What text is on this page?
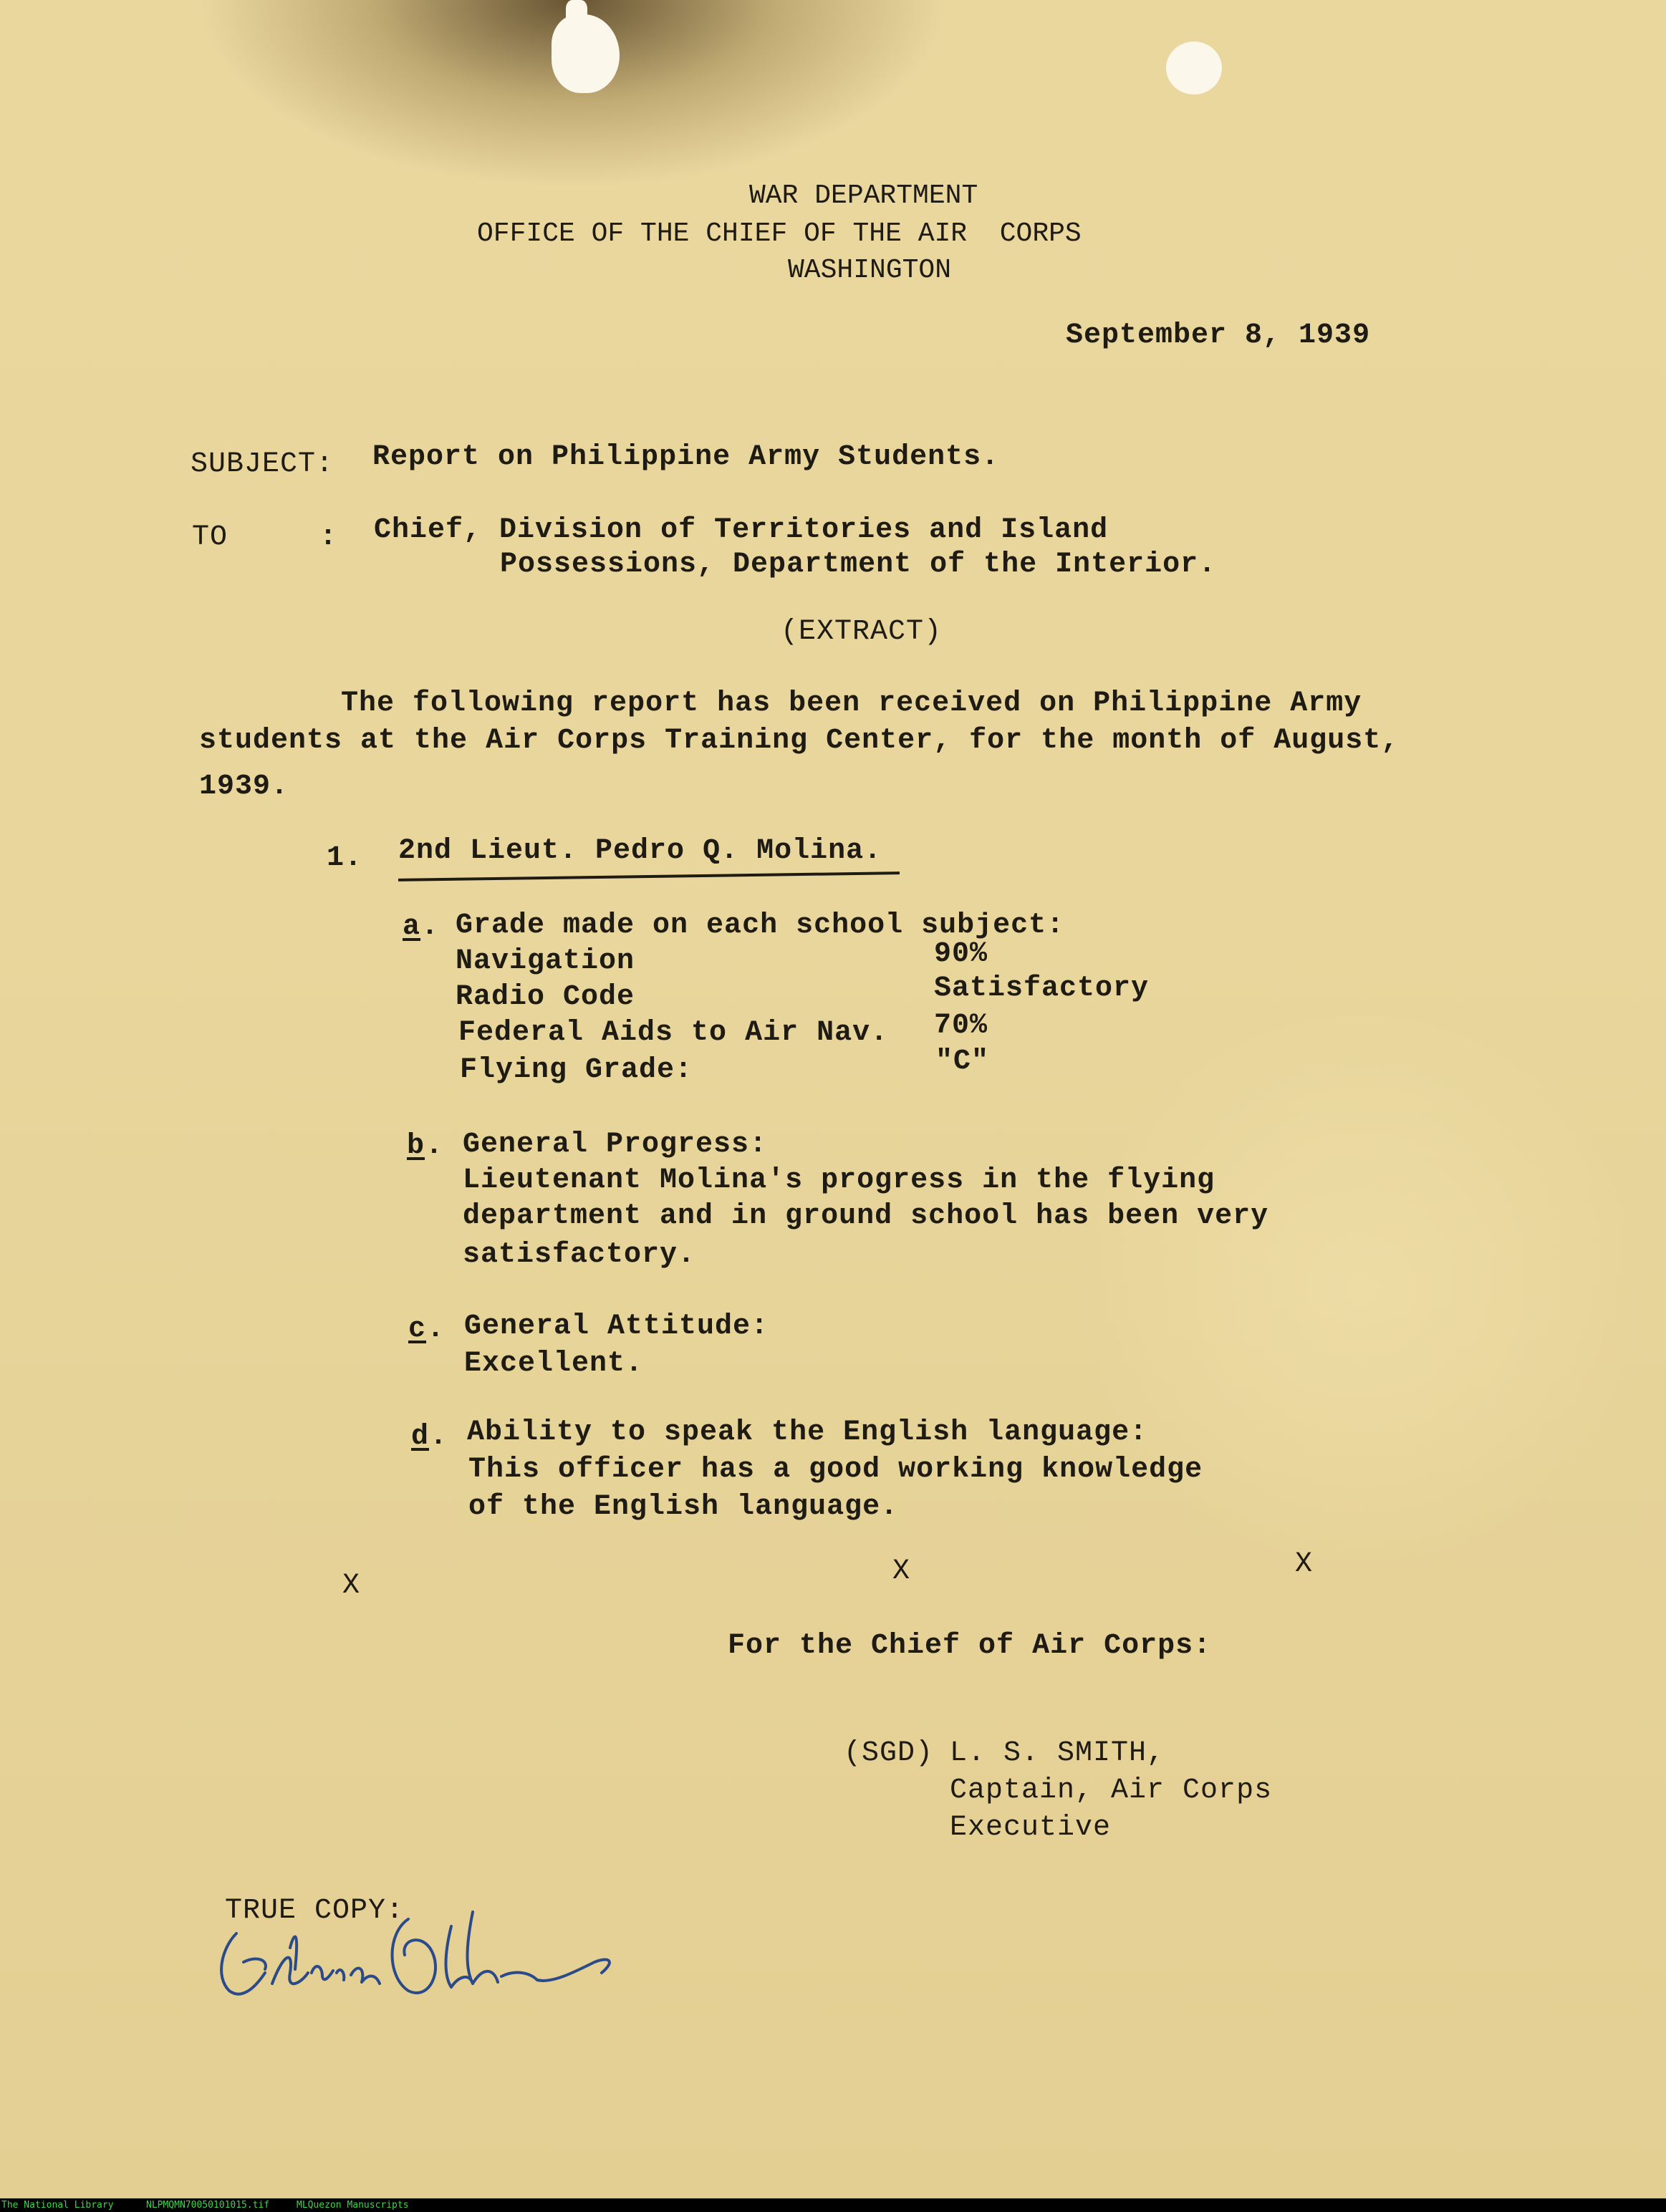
WAR DEPARTMENT
OFFICE OF THE CHIEF OF THE AIR  CORPS
WASHINGTON
September 8, 1939
SUBJECT: Report on Philippine Army Students.
TO	: Chief, Division of Territories and Island
Possessions, Department of the Interior.
(EXTRACT)
The following report has been received on Philippine Army
students at the Air Corps Training Center, for the month of August,
1939.
1. 2nd Lieut. Pedro Q. Molina.
a . Grade made on each school subject:
Navigation	90%
Radio Code	Satisfactory
Federal Aids to Air Nav. 70%
Flying Grade:	"C"
b . General Progress:
Lieutenant Molina's progress in the flying
department and in ground school has been very
satisfactory.
c . General Attitude:
Excellent.
d . Ability to speak the English language:
This officer has a good working knowledge
of the English language.
X	X	X
For the Chief of Air Corps:
(SGD) L. S. SMITH,
Captain, Air Corps
Executive
TRUE COPY:
The National Library	NLPMQMN70050101015.tif	MLQuezon Manuscripts
